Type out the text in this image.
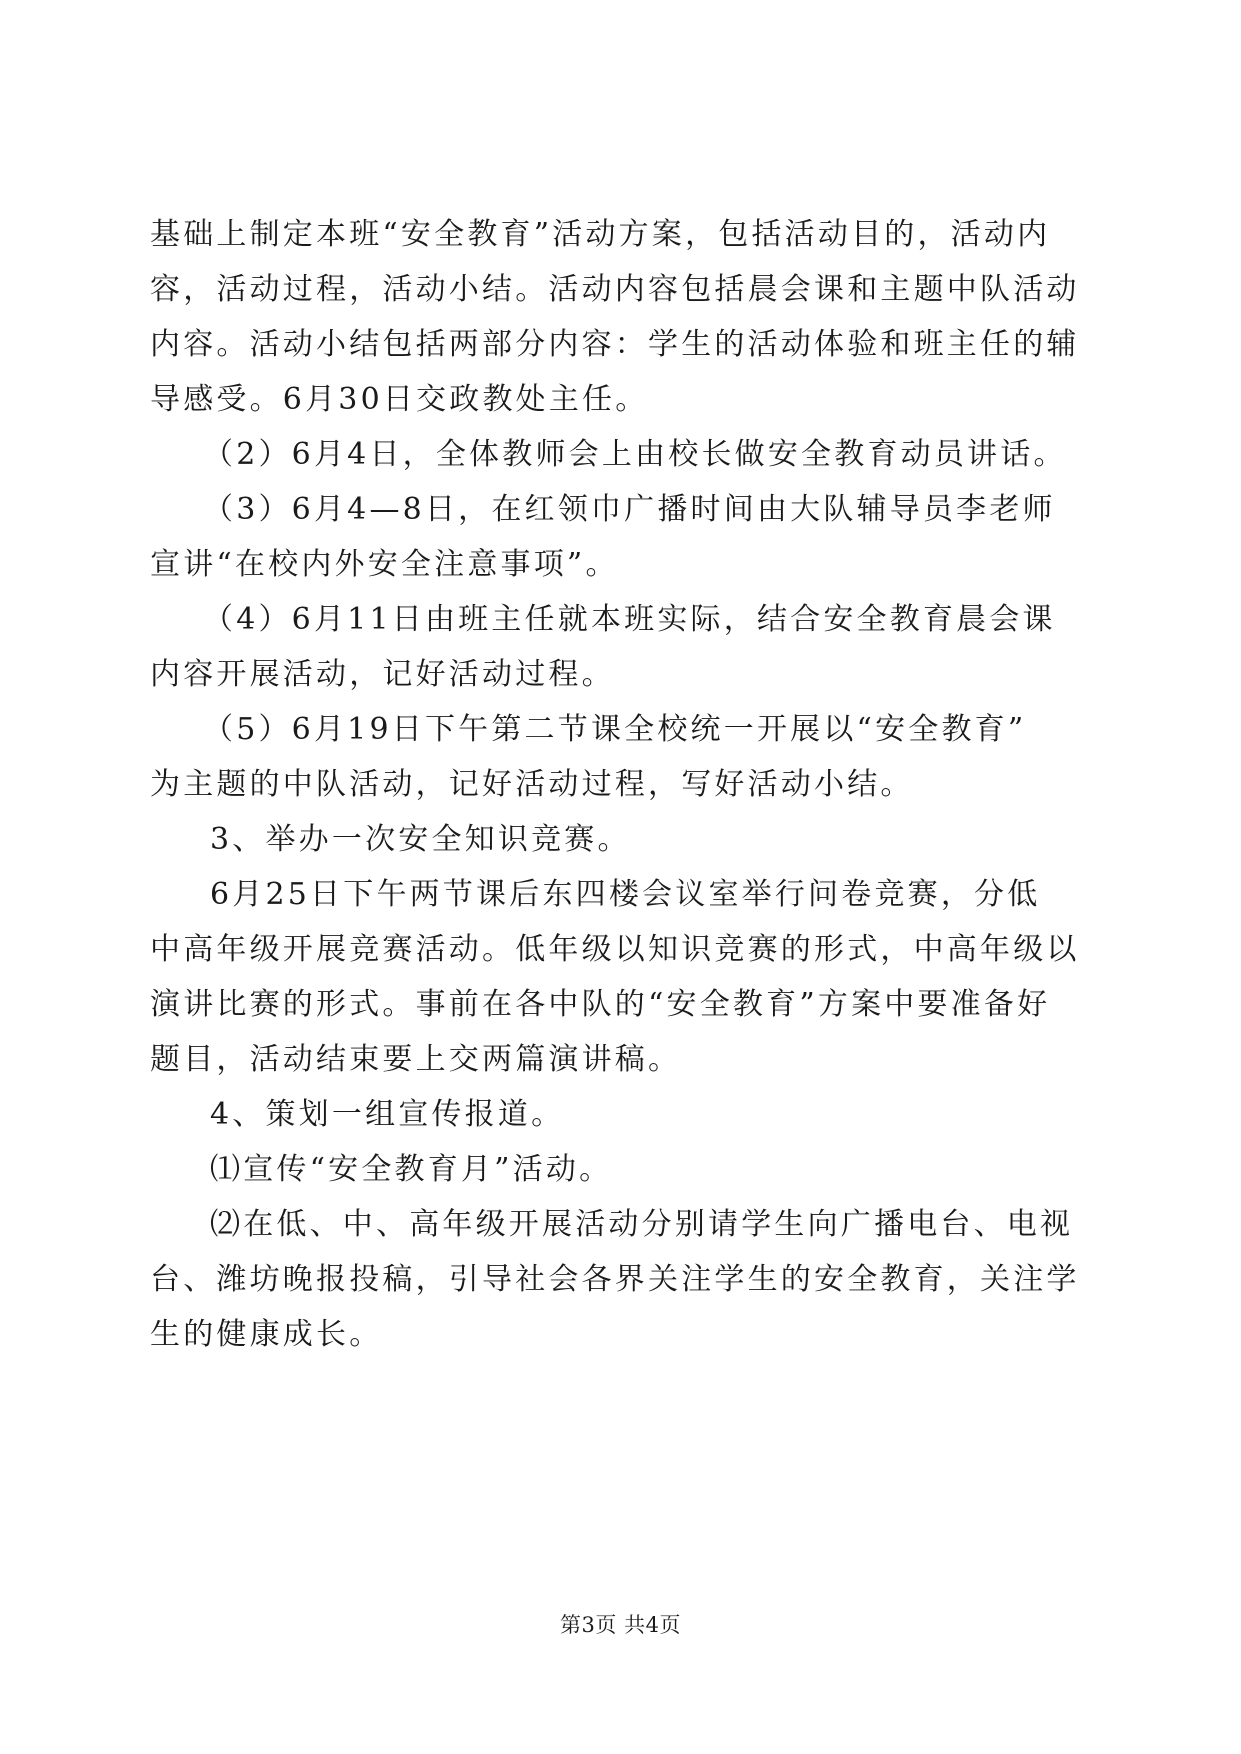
基础上制定本班“安全教育”活动方案，包括活动目的，活动内
容，活动过程，活动小结。活动内容包括晨会课和主题中队活动
内容。活动小结包括两部分内容：学生的活动体验和班主任的辅
导感受。6月30日交政教处主任。
（2）6月4日，全体教师会上由校长做安全教育动员讲话。
（3）6月4—8日，在红领巾广播时间由大队辅导员李老师
宣讲“在校内外安全注意事项”。
（4）6月11日由班主任就本班实际，结合安全教育晨会课
内容开展活动，记好活动过程。
（5）6月19日下午第二节课全校统一开展以“安全教育”
为主题的中队活动，记好活动过程，写好活动小结。
3、举办一次安全知识竞赛。
6月25日下午两节课后东四楼会议室举行问卷竞赛，分低
中高年级开展竞赛活动。低年级以知识竞赛的形式，中高年级以
演讲比赛的形式。事前在各中队的“安全教育”方案中要准备好
题目，活动结束要上交两篇演讲稿。
4、策划一组宣传报道。
⑴宣传“安全教育月”活动。
⑵在低、中、高年级开展活动分别请学生向广播电台、电视
台、潍坊晚报投稿，引导社会各界关注学生的安全教育，关注学
生的健康成长。
第3页 共4页
